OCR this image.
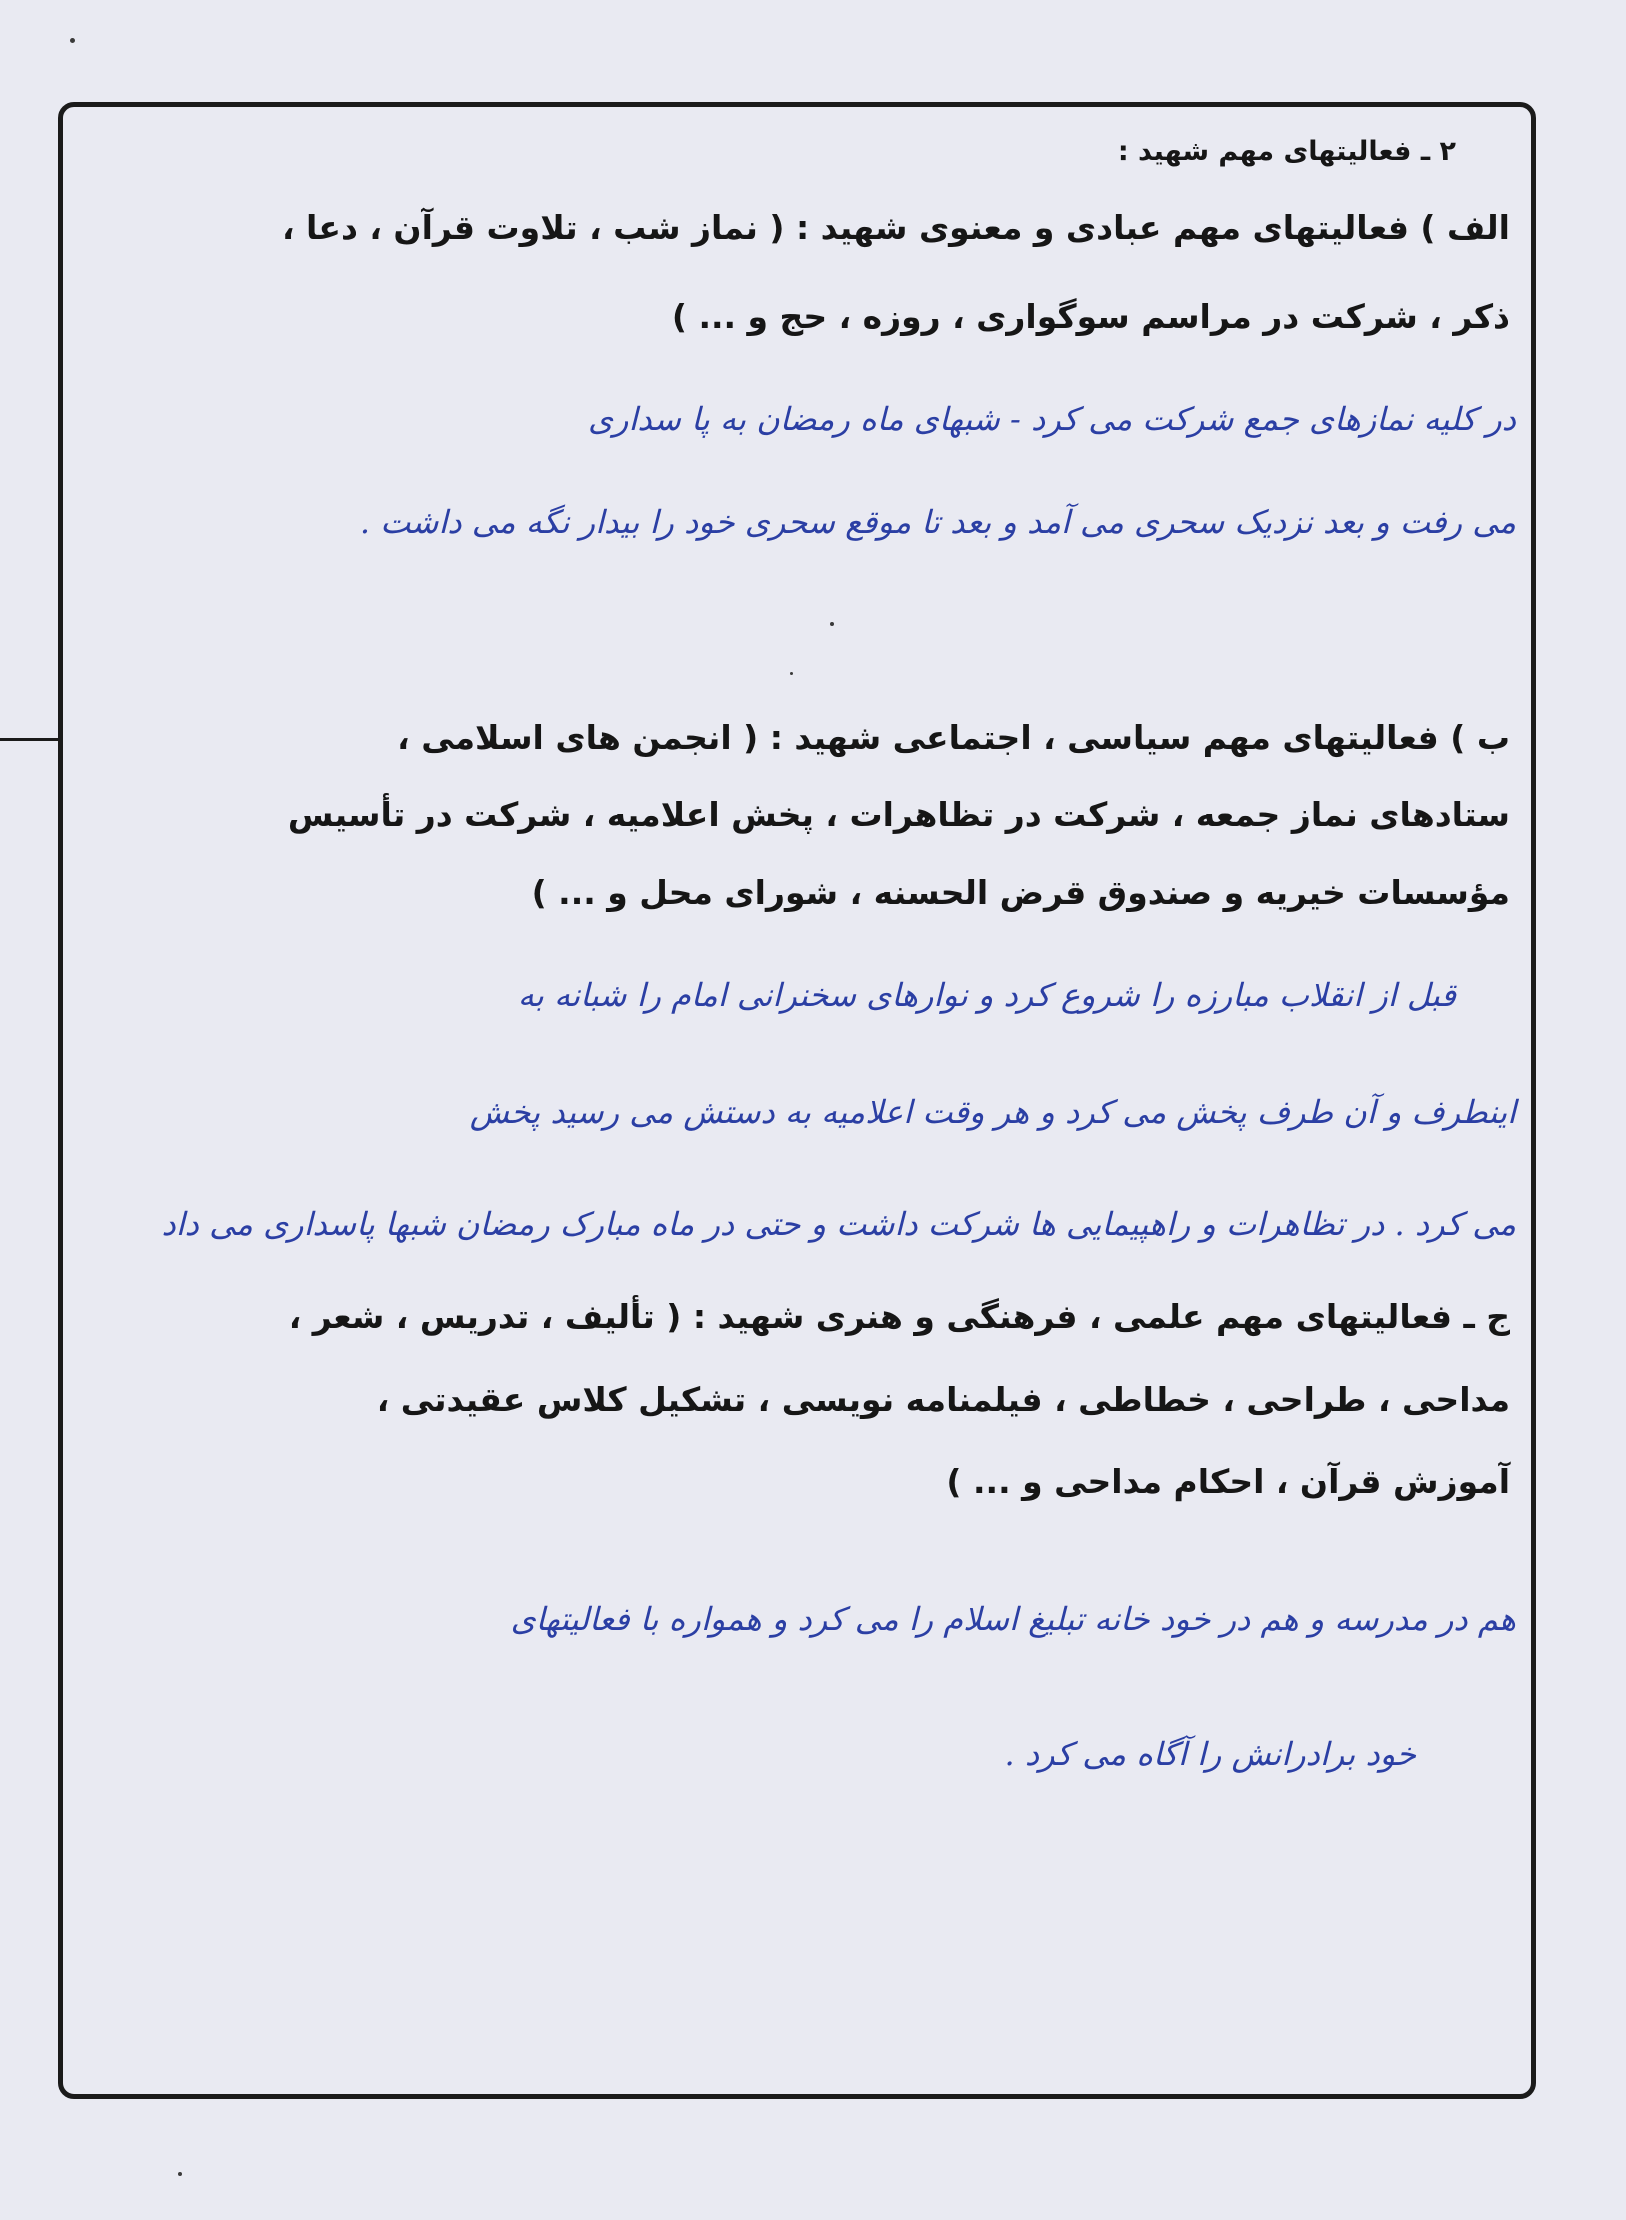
۲ ـ فعالیتهای مهم شهید :
الف ) فعالیتهای مهم عبادی و معنوی شهید : ( نماز شب ، تلاوت قرآن ، دعا ،
ذکر ، شرکت در مراسم سوگواری ، روزه ، حج و ... )
در کلیه نمازهای جمع شرکت می کرد - شبهای ماه رمضان به پا سداری
می رفت و بعد نزدیک سحری می آمد و بعد تا موقع سحری خود را بیدار نگه می داشت .
ب ) فعالیتهای مهم سیاسی ، اجتماعی شهید : ( انجمن های اسلامی ،
ستادهای نماز جمعه ، شرکت در تظاهرات ، پخش اعلامیه ، شرکت در تأسیس
مؤسسات خیریه و صندوق قرض الحسنه ، شورای محل و ... )
قبل از انقلاب مبارزه را شروع کرد و نوارهای سخنرانی امام را شبانه به
اینطرف و آن طرف پخش می کرد و هر وقت اعلامیه به دستش می رسید پخش
می کرد . در تظاهرات و راهپیمایی ها شرکت داشت و حتی در ماه مبارک رمضان شبها پاسداری می داد
ج ـ فعالیتهای مهم علمی ، فرهنگی و هنری شهید : ( تألیف ، تدریس ، شعر ،
مداحی ، طراحی ، خطاطی ، فیلمنامه نویسی ، تشکیل کلاس عقیدتی ،
آموزش قرآن ، احکام مداحی و ... )
هم در مدرسه و هم در خود خانه تبلیغ اسلام را می کرد و همواره با فعالیتهای
خود برادرانش را آگاه می کرد .
